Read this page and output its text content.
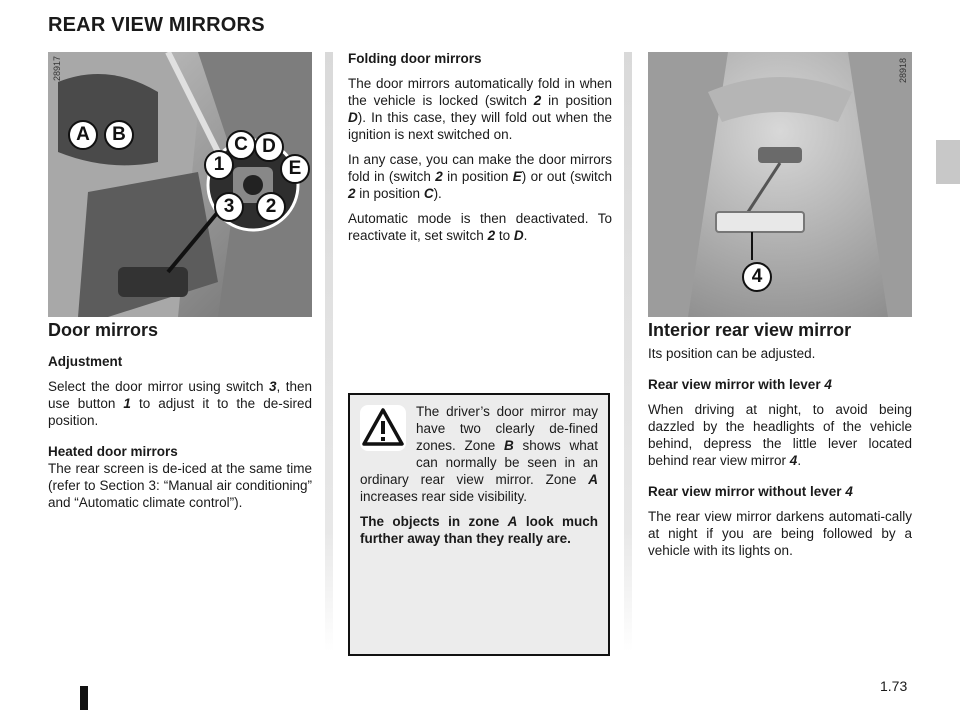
REAR VIEW MIRRORS
28917
A	B	C D
1	E
3	2
28918
4

Door mirrors

Adjustment

Select the door mirror using switch 3, then use button 1 to adjust it to the de-sired position.

Heated door mirrors

The rear screen is de-iced at the same time (refer to Section 3: “Manual air conditioning” and “Automatic climate control”).

Folding door mirrors

The door mirrors automatically fold in when the vehicle is locked (switch 2 in position D). In this case, they will fold out when the ignition is next switched on.

In any case, you can make the door mirrors fold in (switch 2 in position E) or out (switch 2 in position C).

Automatic mode is then deactivated. To reactivate it, set switch 2 to D.

The driver’s door mirror may have two clearly de-fined zones. Zone B shows what can normally be seen in an ordinary rear view mirror. Zone A increases rear side visibility.

The objects in zone A look much further away than they really are.

Interior rear view mirror

Its position can be adjusted.

Rear view mirror with lever 4

When driving at night, to avoid being dazzled by the headlights of the vehicle behind, depress the little lever located behind rear view mirror 4.

Rear view mirror without lever 4

The rear view mirror darkens automati-cally at night if you are being followed by a vehicle with its lights on.

1.73
